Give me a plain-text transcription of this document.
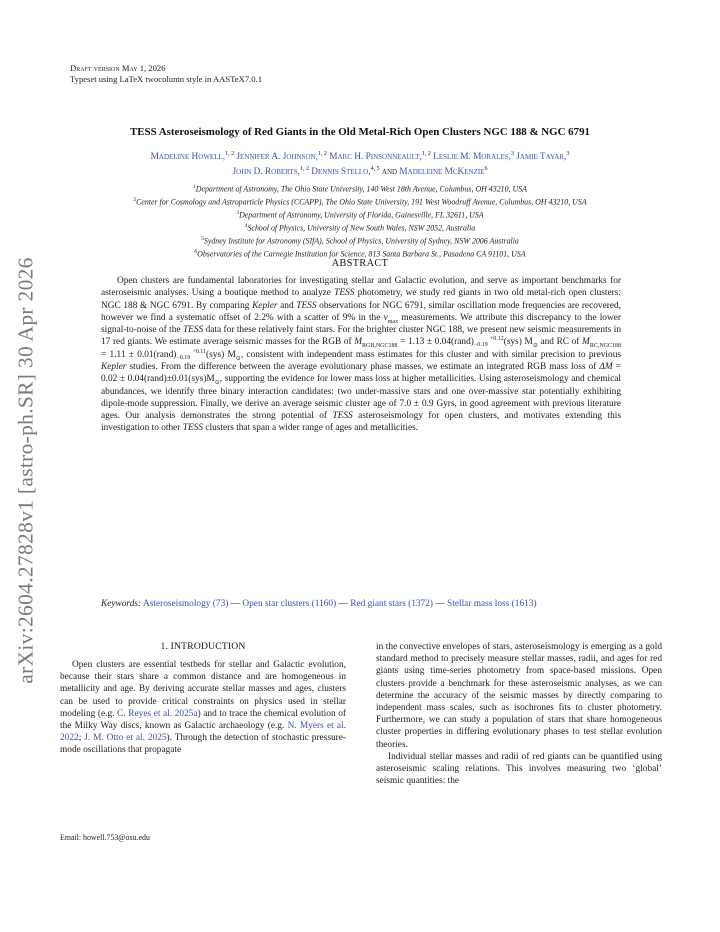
arXiv:2604.27828v1 [astro-ph.SR] 30 Apr 2026
Draft version May 1, 2026
Typeset using LaTeX twocolumn style in AASTeX7.0.1
TESS Asteroseismology of Red Giants in the Old Metal-Rich Open Clusters NGC 188 & NGC 6791
Madeline Howell,$^{1, 2}$ Jennifer A. Johnson,$^{1, 2}$ Marc H. Pinsonneault,$^{1, 2}$ Leslie M. Morales,$^3$ Jamie Tayar,$^3$
John D. Roberts,$^{1, 2}$ Dennis Stello,$^{4, 5}$ and Madeleine McKenzie$^6$
$^1$Department of Astronomy, The Ohio State University, 140 West 18th Avenue, Columbus, OH 43210, USA
$^2$Center for Cosmology and Astroparticle Physics (CCAPP), The Ohio State University, 191 West Woodruff Avenue, Columbus, OH 43210, USA
$^3$Department of Astronomy, University of Florida, Gainesville, FL 32611, USA
$^4$School of Physics, University of New South Wales, NSW 2052, Australia
$^5$Sydney Institute for Astronomy (SIfA), School of Physics, University of Sydney, NSW 2006 Australia
$^6$Observatories of the Carnegie Institution for Science, 813 Santa Barbara St., Pasadena CA 91101, USA
ABSTRACT
Open clusters are fundamental laboratories for investigating stellar and Galactic evolution, and serve as important benchmarks for asteroseismic analyses. Using a boutique method to analyze TESS photometry, we study red giants in two old metal-rich open clusters: NGC 188 & NGC 6791. By comparing Kepler and TESS observations for NGC 6791, similar oscillation mode frequencies are recovered, however we find a systematic offset of 2.2% with a scatter of 9% in the $\nu_{max}$ measurements. We attribute this discrepancy to the lower signal-to-noise of the TESS data for these relatively faint stars. For the brighter cluster NGC 188, we present new seismic measurements in 17 red giants. We estimate average seismic masses for the RGB of $M_{RGB,NGC188} = 1.13$ ± 0.04(rand)	+0.12
−0.19 (sys) $M_⊙$ and RC of $M_{RC,NGC188} = 1.11$ ± 0.01(rand)	+0.11
−0.19 (sys) $M_⊙$, consistent with independent mass estimates for this cluster and with similar precision to previous Kepler studies. From the difference between the average evolutionary phase masses, we estimate an integrated RGB mass loss of $\Delta M = 0.02 \pm 0.04(rand)\pm 0.01(sys)M_⊙$, supporting the evidence for lower mass loss at higher metallicities. Using asteroseismology and chemical abundances, we identify three binary interaction candidates: two under-massive stars and one over-massive star potentially exhibiting dipole-mode suppression. Finally, we derive an average seismic cluster age of 7.0 ± 0.9 Gyrs, in good agreement with previous literature ages. Our analysis demonstrates the strong potential of TESS asteroseismology for open clusters, and motivates extending this investigation to other TESS clusters that span a wider range of ages and metallicities.
Keywords: Asteroseismology (73) — Open star clusters (1160) — Red giant stars (1372) — Stellar mass loss (1613)
1. INTRODUCTION
Open clusters are essential testbeds for stellar and Galactic evolution, because their stars share a common distance and are homogeneous in metallicity and age. By deriving accurate stellar masses and ages, clusters can be used to provide critical constraints on physics used in stellar modeling (e.g. C. Reyes et al. 2025a) and to trace the chemical evolution of the Milky Way discs, known as Galactic archaeology (e.g. N. Myers et al. 2022; J. M. Otto et al. 2025). Through the detection of stochastic pressure-mode oscillations that propagate

in the convective envelopes of stars, asteroseismology is emerging as a gold standard method to precisely measure stellar masses, radii, and ages for red giants using time-series photometry from space-based missions. Open clusters provide a benchmark for these asteroseismic analyses, as we can determine the accuracy of the seismic masses by directly comparing to independent mass scales, such as isochrones fits to cluster photometry. Furthermore, we can study a population of stars that share homogeneous cluster properties in differing evolutionary phases to test stellar evolution theories.

Individual stellar masses and radii of red giants can be quantified using asteroseismic scaling relations. This involves measuring two ‘global’ seismic quantities: the

Email: howell.753@osu.edu
